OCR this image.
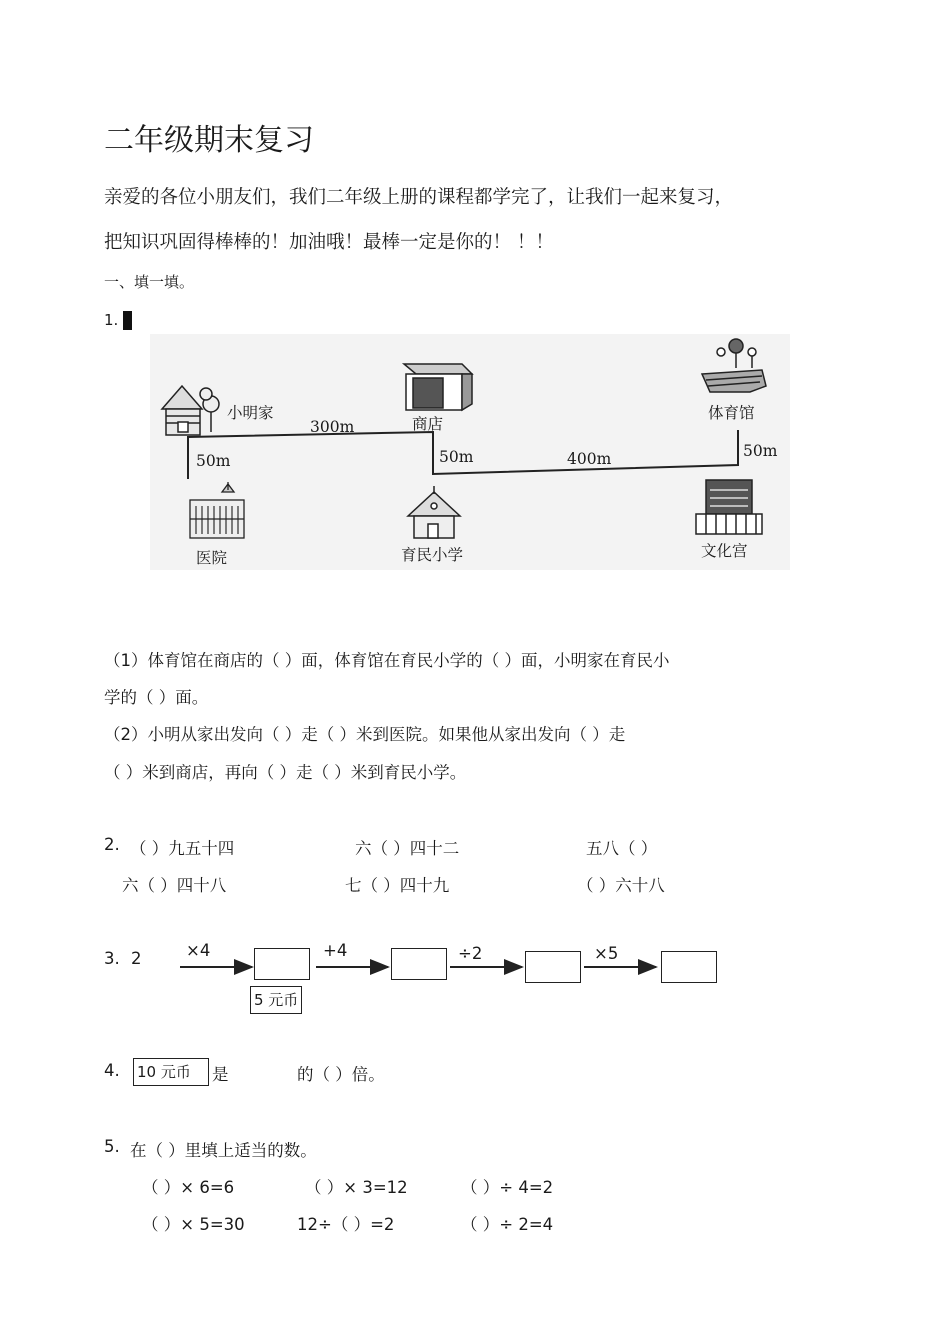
二年级期末复习
亲爱的各位小朋友们，我们二年级上册的课程都学完了，让我们一起来复习，
把知识巩固得棒棒的！加油哦！最棒一定是你的！ ！！
一、填一填。
1.
小明家
商店
体育馆
医院	育民小学	文化宫
300m
50m	50m	400m	50m
（1）体育馆在商店的（ ）面，体育馆在育民小学的（ ）面，小明家在育民小
学的（ ）面。
（2）小明从家出发向（ ）走（ ）米到医院。如果他从家出发向（ ）走
（ ）米到商店，再向（ ）走（ ）米到育民小学。
2. （ ）九五十四	六（ ）四十二	五八（ ）
六（ ）四十八	七（ ）四十九	（ ）六十八
3. 2	×4	+4	÷2	×5
5 元币
4. 10 元币	是	的（ ）倍。
5. 在（ ）里填上适当的数。
（ ）× 6=6	（ ）× 3=12	（ ）÷ 4=2
（ ）× 5=30	12÷（ ）=2	（ ）÷ 2=4
